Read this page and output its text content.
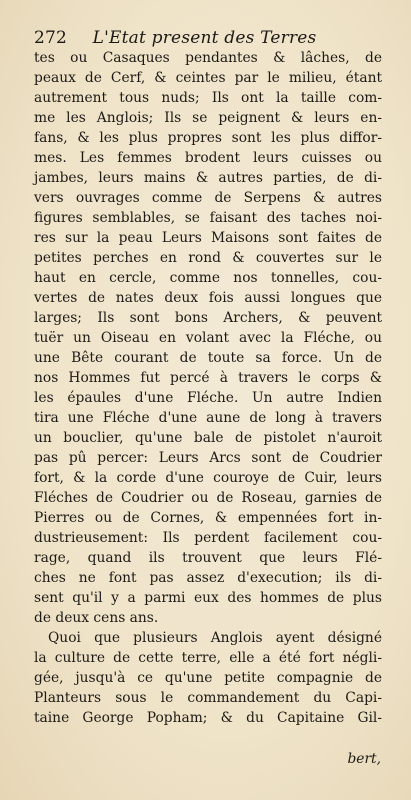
272 L'Etat present des Terres
tes ou Casaques pendantes & lâches, de
peaux de Cerf, & ceintes par le milieu, étant
autrement tous nuds; Ils ont la taille com-
me les Anglois; Ils se peignent & leurs en-
fans, & les plus propres sont les plus diffor-
mes. Les femmes brodent leurs cuisses ou
jambes, leurs mains & autres parties, de di-
vers ouvrages comme de Serpens & autres
figures semblables, se faisant des taches noi-
res sur la peau Leurs Maisons sont faites de
petites perches en rond & couvertes sur le
haut en cercle, comme nos tonnelles, cou-
vertes de nates deux fois aussi longues que
larges; Ils sont bons Archers, & peuvent
tuër un Oiseau en volant avec la Fléche, ou
une Bête courant de toute sa force. Un de
nos Hommes fut percé à travers le corps &
les épaules d'une Fléche. Un autre Indien
tira une Fléche d'une aune de long à travers
un bouclier, qu'une bale de pistolet n'auroit
pas pû percer: Leurs Arcs sont de Coudrier
fort, & la corde d'une couroye de Cuir, leurs
Fléches de Coudrier ou de Roseau, garnies de
Pierres ou de Cornes, & empennées fort in-
dustrieusement: Ils perdent facilement cou-
rage, quand ils trouvent que leurs Flé-
ches ne font pas assez d'execution; ils di-
sent qu'il y a parmi eux des hommes de plus
de deux cens ans.
Quoi que plusieurs Anglois ayent désigné
la culture de cette terre, elle a été fort négli-
gée, jusqu'à ce qu'une petite compagnie de
Planteurs sous le commandement du Capi-
taine George Popham; & du Capitaine Gil-
bert,
